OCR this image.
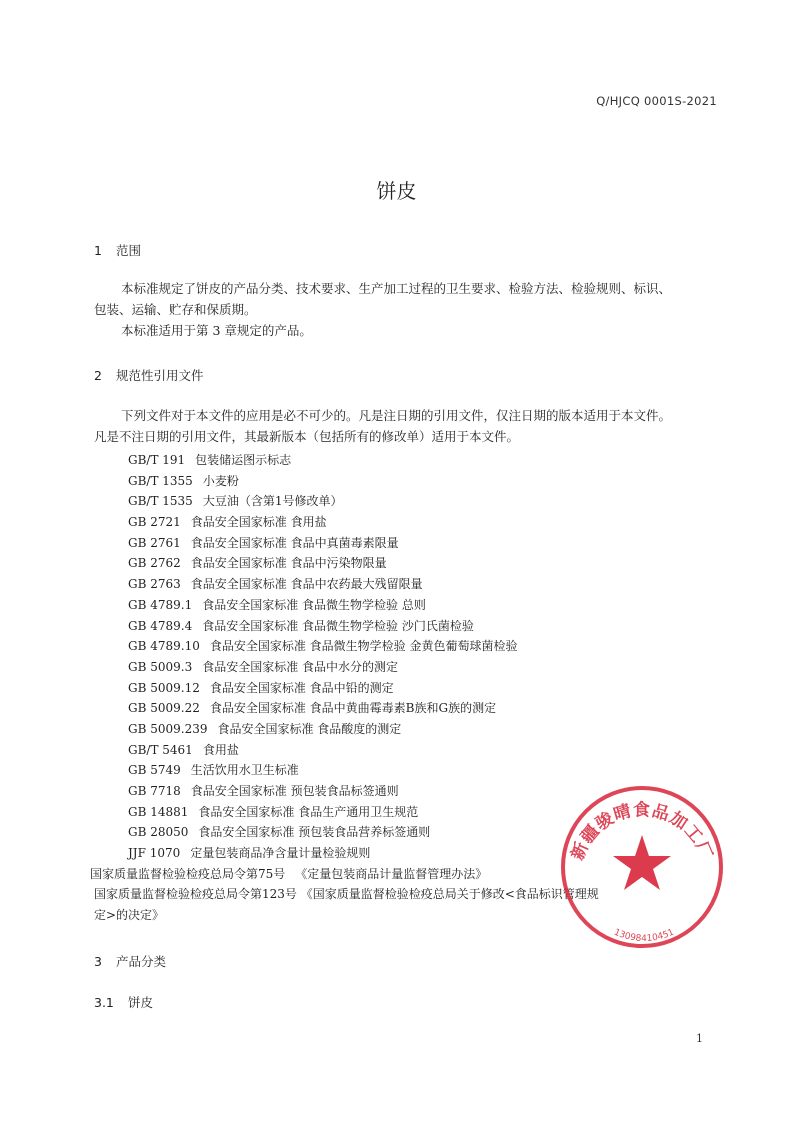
Q/HJCQ 0001S-2021
饼皮
1 范围

本标准规定了饼皮的产品分类、技术要求、生产加工过程的卫生要求、检验方法、检验规则、标识、

包装、运输、贮存和保质期。

本标准适用于第 3 章规定的产品。

2 规范性引用文件

下列文件对于本文件的应用是必不可少的。凡是注日期的引用文件，仅注日期的版本适用于本文件。

凡是不注日期的引用文件，其最新版本（包括所有的修改单）适用于本文件。

GB/T 191 包装储运图示标志
GB/T 1355 小麦粉
GB/T 1535 大豆油（含第1号修改单）
GB 2721 食品安全国家标准 食用盐
GB 2761 食品安全国家标准 食品中真菌毒素限量
GB 2762 食品安全国家标准 食品中污染物限量
GB 2763 食品安全国家标准 食品中农药最大残留限量
GB 4789.1 食品安全国家标准 食品微生物学检验 总则
GB 4789.4 食品安全国家标准 食品微生物学检验 沙门氏菌检验
GB 4789.10 食品安全国家标准 食品微生物学检验 金黄色葡萄球菌检验
GB 5009.3 食品安全国家标准 食品中水分的测定
GB 5009.12 食品安全国家标准 食品中铅的测定
GB 5009.22 食品安全国家标准 食品中黄曲霉毒素B族和G族的测定
GB 5009.239 食品安全国家标准 食品酸度的测定
GB/T 5461 食用盐
GB 5749 生活饮用水卫生标准
GB 7718 食品安全国家标准 预包装食品标签通则
GB 14881 食品安全国家标准 食品生产通用卫生规范
GB 28050 食品安全国家标准 预包装食品营养标签通则
JJF 1070 定量包装商品净含量计量检验规则
国家质量监督检验检疫总局令第75号 《定量包装商品计量监督管理办法》

国家质量监督检验检疫总局令第123号 《国家质量监督检验检疫总局关于修改<食品标识管理规

定>的决定》

3 产品分类
3.1 饼皮
新疆骏晴食品加工厂
13098410451
1
